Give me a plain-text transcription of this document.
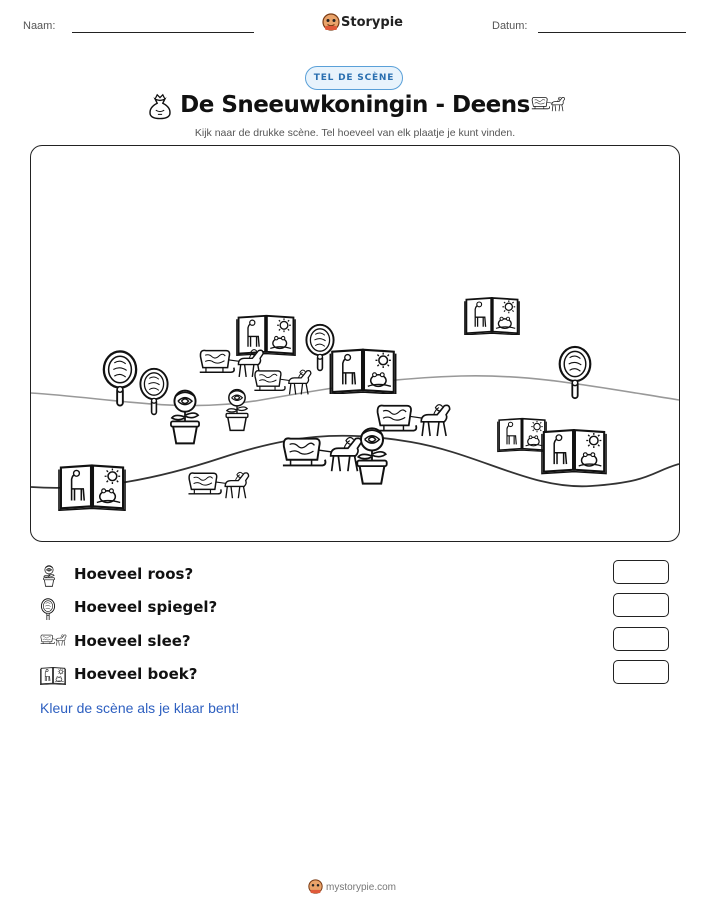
Naam:	Storypie	Datum:
TEL DE SCÈNE
De Sneeuwkoningin - Deens
Kijk naar de drukke scène. Tel hoeveel van elk plaatje je kunt vinden.
Hoeveel roos?
Hoeveel spiegel?
Hoeveel slee?
Hoeveel boek?
Kleur de scène als je klaar bent!
mystorypie.com
